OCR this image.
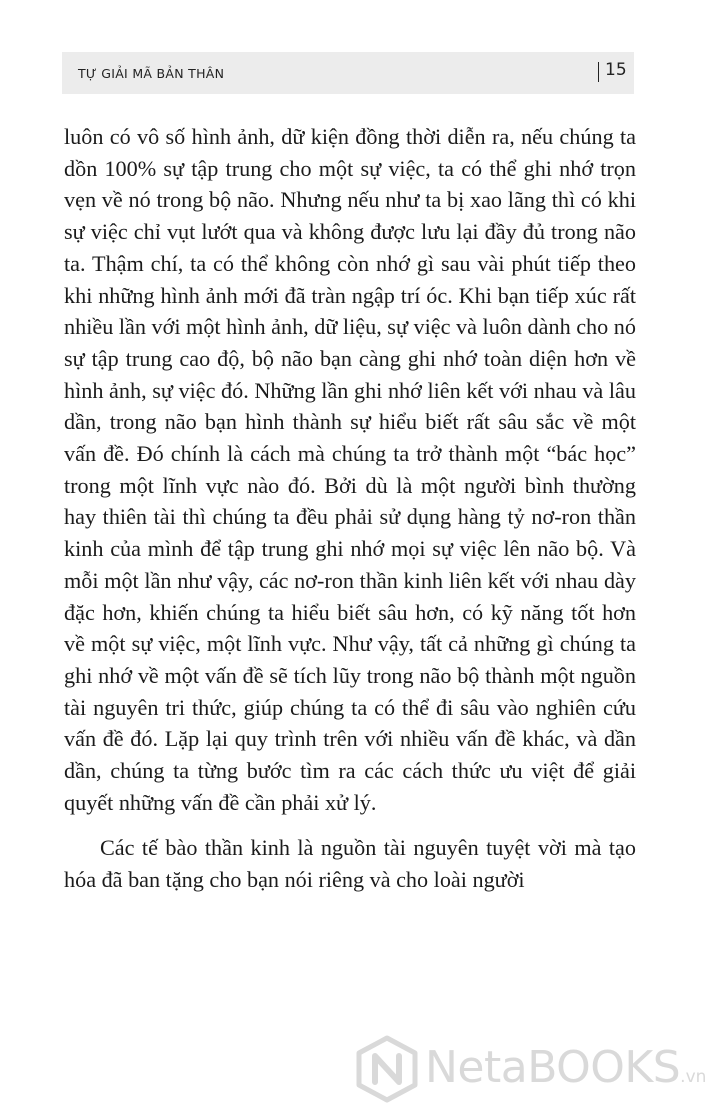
TỰ GIẢI MÃ BẢN THÂN	15

luôn có vô số hình ảnh, dữ kiện đồng thời diễn ra, nếu chúng ta dồn 100% sự tập trung cho một sự việc, ta có thể ghi nhớ trọn vẹn về nó trong bộ não. Nhưng nếu như ta bị xao lãng thì có khi sự việc chỉ vụt lướt qua và không được lưu lại đầy đủ trong não ta. Thậm chí, ta có thể không còn nhớ gì sau vài phút tiếp theo khi những hình ảnh mới đã tràn ngập trí óc. Khi bạn tiếp xúc rất nhiều lần với một hình ảnh, dữ liệu, sự việc và luôn dành cho nó sự tập trung cao độ, bộ não bạn càng ghi nhớ toàn diện hơn về hình ảnh, sự việc đó. Những lần ghi nhớ liên kết với nhau và lâu dần, trong não bạn hình thành sự hiểu biết rất sâu sắc về một vấn đề. Đó chính là cách mà chúng ta trở thành một “bác học” trong một lĩnh vực nào đó. Bởi dù là một người bình thường hay thiên tài thì chúng ta đều phải sử dụng hàng tỷ nơ-ron thần kinh của mình để tập trung ghi nhớ mọi sự việc lên não bộ. Và mỗi một lần như vậy, các nơ-ron thần kinh liên kết với nhau dày đặc hơn, khiến chúng ta hiểu biết sâu hơn, có kỹ năng tốt hơn về một sự việc, một lĩnh vực. Như vậy, tất cả những gì chúng ta ghi nhớ về một vấn đề sẽ tích lũy trong não bộ thành một nguồn tài nguyên tri thức, giúp chúng ta có thể đi sâu vào nghiên cứu vấn đề đó. Lặp lại quy trình trên với nhiều vấn đề khác, và dần dần, chúng ta từng bước tìm ra các cách thức ưu việt để giải quyết những vấn đề cần phải xử lý.

Các tế bào thần kinh là nguồn tài nguyên tuyệt vời mà tạo hóa đã ban tặng cho bạn nói riêng và cho loài người

NetaBOOKS.vn
